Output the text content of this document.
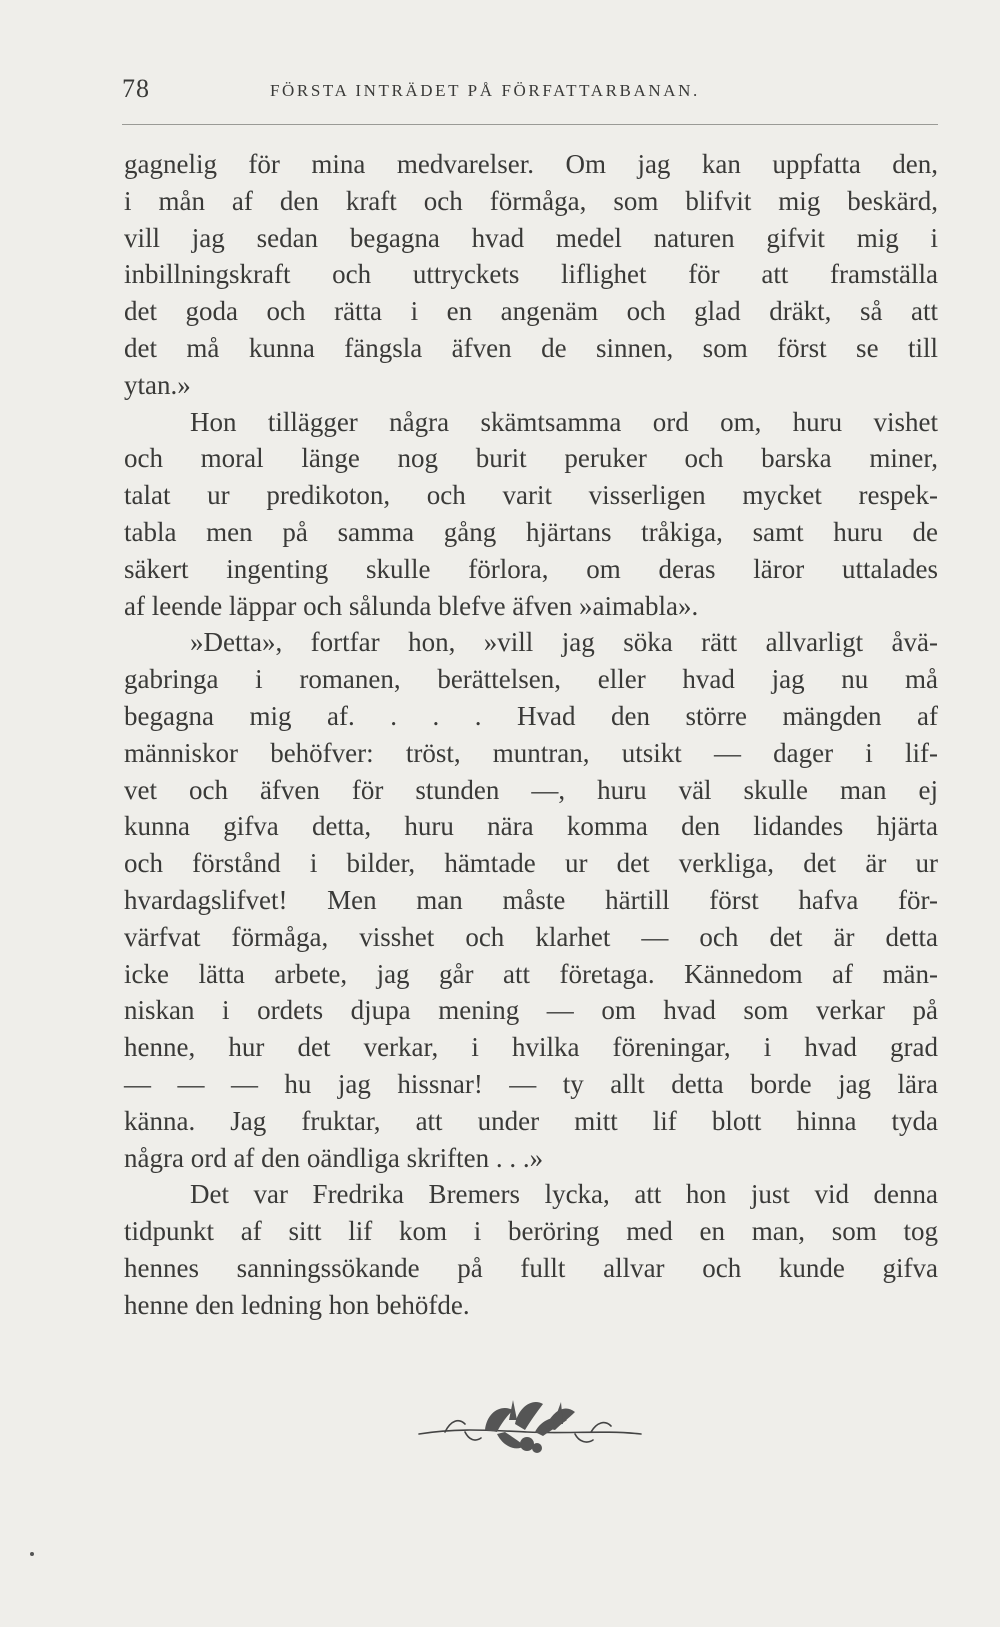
78	FÖRSTA INTRÄDET PÅ FÖRFATTARBANAN.
gagnelig för mina medvarelser. Om jag kan uppfatta den,
i mån af den kraft och förmåga, som blifvit mig beskärd,
vill jag sedan begagna hvad medel naturen gifvit mig i
inbillningskraft och uttryckets liflighet för att framställa
det goda och rätta i en angenäm och glad dräkt, så att
det må kunna fängsla äfven de sinnen, som först se till
ytan.»
Hon tillägger några skämtsamma ord om, huru vishet
och moral länge nog burit peruker och barska miner,
talat ur predikoton, och varit visserligen mycket respek-
tabla men på samma gång hjärtans tråkiga, samt huru de
säkert ingenting skulle förlora, om deras läror uttalades
af leende läppar och sålunda blefve äfven »aimabla».
»Detta», fortfar hon, »vill jag söka rätt allvarligt åvä-
gabringa i romanen, berättelsen, eller hvad jag nu må
begagna mig af. . . . Hvad den större mängden af
människor behöfver: tröst, muntran, utsikt — dager i lif-
vet och äfven för stunden —, huru väl skulle man ej
kunna gifva detta, huru nära komma den lidandes hjärta
och förstånd i bilder, hämtade ur det verkliga, det är ur
hvardagslifvet! Men man måste härtill först hafva för-
värfvat förmåga, visshet och klarhet — och det är detta
icke lätta arbete, jag går att företaga. Kännedom af män-
niskan i ordets djupa mening — om hvad som verkar på
henne, hur det verkar, i hvilka föreningar, i hvad grad
— — — hu jag hissnar! — ty allt detta borde jag lära
känna. Jag fruktar, att under mitt lif blott hinna tyda
några ord af den oändliga skriften . . .»
Det var Fredrika Bremers lycka, att hon just vid denna
tidpunkt af sitt lif kom i beröring med en man, som tog
hennes sanningssökande på fullt allvar och kunde gifva
henne den ledning hon behöfde.
